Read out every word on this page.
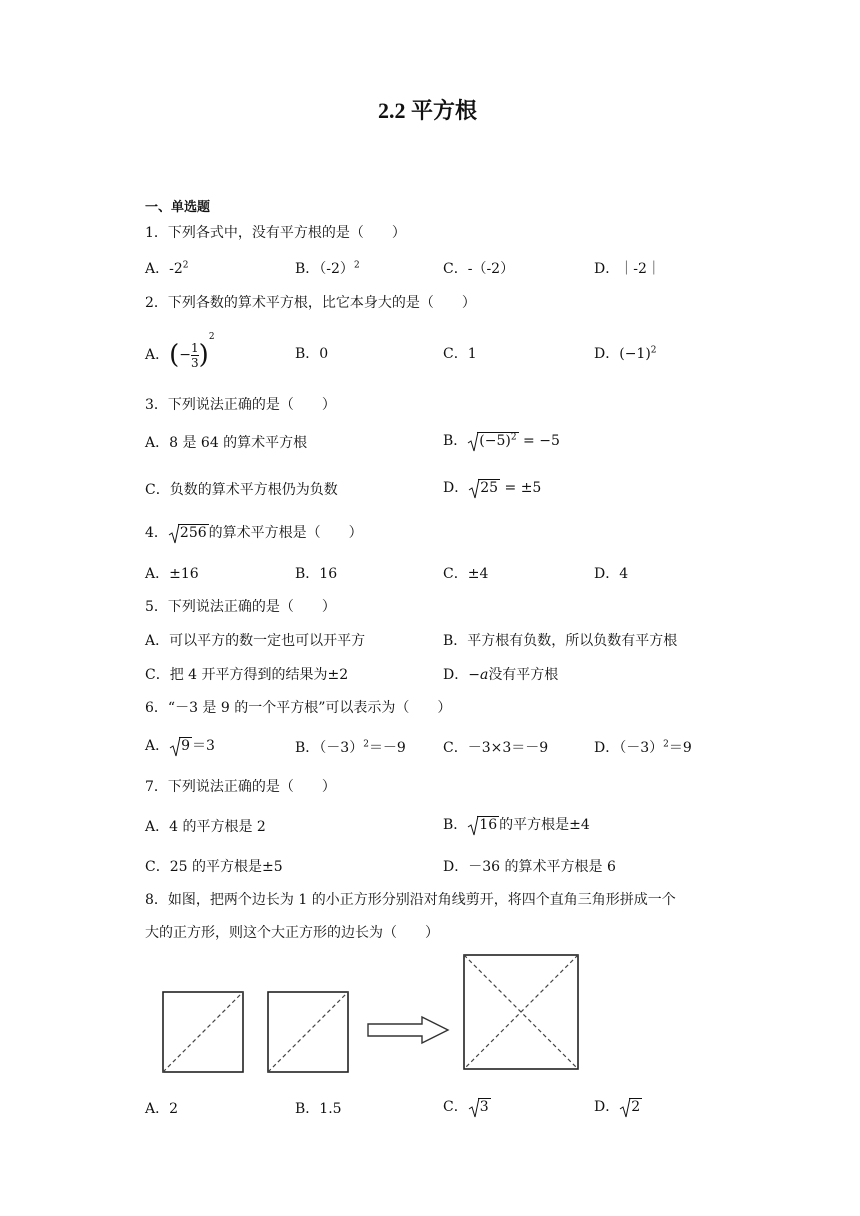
2.2 平方根
一、单选题
1．下列各式中，没有平方根的是（　　）
A．$-2^2$	B．$(-2)^2$	C．-（-2）	D．｜-2｜
2．下列各数的算术平方根，比它本身大的是（　　）
A．(− $\frac{1}{3} )^2$
B．0	C．1	D．$(-1)^2$
3．下列说法正确的是（　　）
A．8 是 64 的算术平方根	B． $(-5)^2 = -5$
C．负数的算术平方根仍为负数	D． 25 = ±5
4． 256 的算术平方根是（　　）
A．±16	B．16	C．±4	D．4
5．下列说法正确的是（　　）
A．可以平方的数一定也可以开平方	B．平方根有负数，所以负数有平方根
C．把 4 开平方得到的结果为±2	D．−a没有平方根
6．“－3 是 9 的一个平方根”可以表示为（　　）
A． 9 ＝3	B．$(-3)^2=-9$	C．－3×3＝－9	D．$(-3)^2=9$
7．下列说法正确的是（　　）
A．4 的平方根是 2	B． 16 的平方根是±4
C．25 的平方根是±5	D．－36 的算术平方根是 6
8．如图，把两个边长为 1 的小正方形分别沿对角线剪开，将四个直角三角形拼成一个
大的正方形，则这个大正方形的边长为（　　）
A．2	B．1.5	C． 3	D． 2
